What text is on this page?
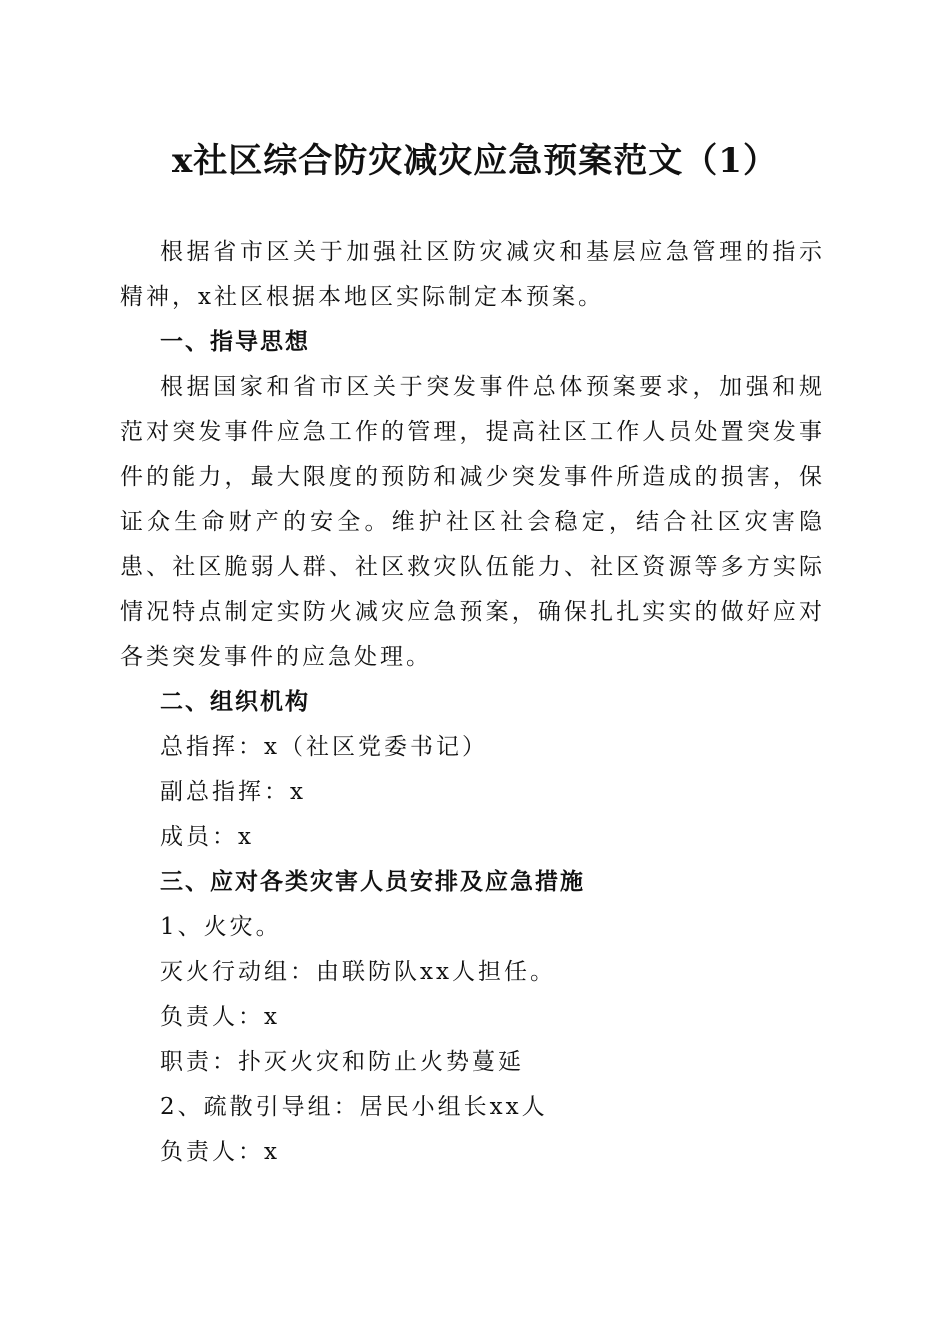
x社区综合防灾减灾应急预案范文（1）

根据省市区关于加强社区防灾减灾和基层应急管理的指示精神，x社区根据本地区实际制定本预案。

一、指导思想

根据国家和省市区关于突发事件总体预案要求，加强和规范对突发事件应急工作的管理，提高社区工作人员处置突发事件的能力，最大限度的预防和减少突发事件所造成的损害，保证众生命财产的安全。维护社区社会稳定，结合社区灾害隐患、社区脆弱人群、社区救灾队伍能力、社区资源等多方实际情况特点制定实防火减灾应急预案，确保扎扎实实的做好应对各类突发事件的应急处理。

二、组织机构

总指挥：x（社区党委书记）

副总指挥：x

成员：x

三、应对各类灾害人员安排及应急措施

1、火灾。

灭火行动组：由联防队xx人担任。

负责人：x

职责：扑灭火灾和防止火势蔓延

2、疏散引导组：居民小组长xx人

负责人：x
